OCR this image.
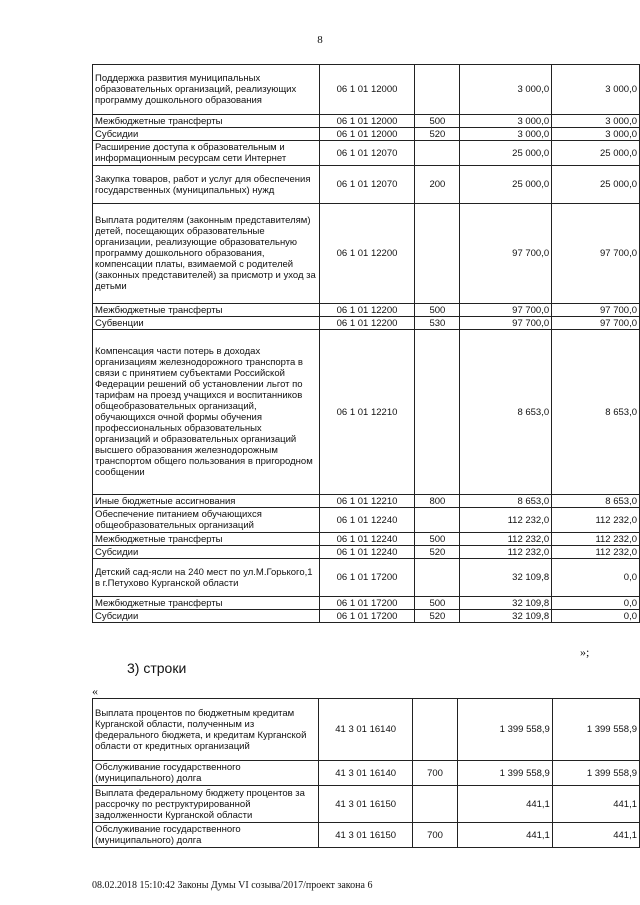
8
Поддержка развития муниципальных образовательных организаций, реализующих программу дошкольного образования	06 1 01 12000		3 000,0	3 000,0
Межбюджетные трансферты	06 1 01 12000	500	3 000,0	3 000,0
Субсидии	06 1 01 12000	520	3 000,0	3 000,0
Расширение доступа к образовательным и информационным ресурсам сети Интернет	06 1 01 12070		25 000,0	25 000,0
Закупка товаров, работ и услуг для обеспечения государственных (муниципальных) нужд	06 1 01 12070	200	25 000,0	25 000,0
Выплата родителям (законным представителям) детей, посещающих образовательные организации, реализующие образовательную программу дошкольного образования, компенсации платы, взимаемой с родителей (законных представителей) за присмотр и уход за детьми	06 1 01 12200		97 700,0	97 700,0
Межбюджетные трансферты	06 1 01 12200	500	97 700,0	97 700,0
Субвенции	06 1 01 12200	530	97 700,0	97 700,0
Компенсация части потерь в доходах организациям железнодорожного транспорта в связи с принятием субъектами Российской Федерации решений об установлении льгот по тарифам на проезд учащихся и воспитанников общеобразовательных организаций, обучающихся очной формы обучения профессиональных образовательных организаций и образовательных организаций высшего образования железнодорожным транспортом общего пользования в пригородном сообщении	06 1 01 12210		8 653,0	8 653,0
Иные бюджетные ассигнования	06 1 01 12210	800	8 653,0	8 653,0
Обеспечение питанием обучающихся общеобразовательных организаций	06 1 01 12240		112 232,0	112 232,0
Межбюджетные трансферты	06 1 01 12240	500	112 232,0	112 232,0
Субсидии	06 1 01 12240	520	112 232,0	112 232,0
Детский сад-ясли на 240 мест по ул.М.Горького,1 в г.Петухово Курганской области	06 1 01 17200		32 109,8	0,0
Межбюджетные трансферты	06 1 01 17200	500	32 109,8	0,0
Субсидии	06 1 01 17200	520	32 109,8	0,0
»;
3) строки
«
Выплата процентов по бюджетным кредитам Курганской области, полученным из федерального бюджета, и кредитам Курганской области от кредитных организаций	41 3 01 16140		1 399 558,9	1 399 558,9
Обслуживание государственного (муниципального) долга	41 3 01 16140	700	1 399 558,9	1 399 558,9
Выплата федеральному бюджету процентов за рассрочку по реструктурированной задолженности Курганской области	41 3 01 16150		441,1	441,1
Обслуживание государственного (муниципального) долга	41 3 01 16150	700	441,1	441,1
08.02.2018 15:10:42 Законы Думы VI созыва/2017/проект закона 6
